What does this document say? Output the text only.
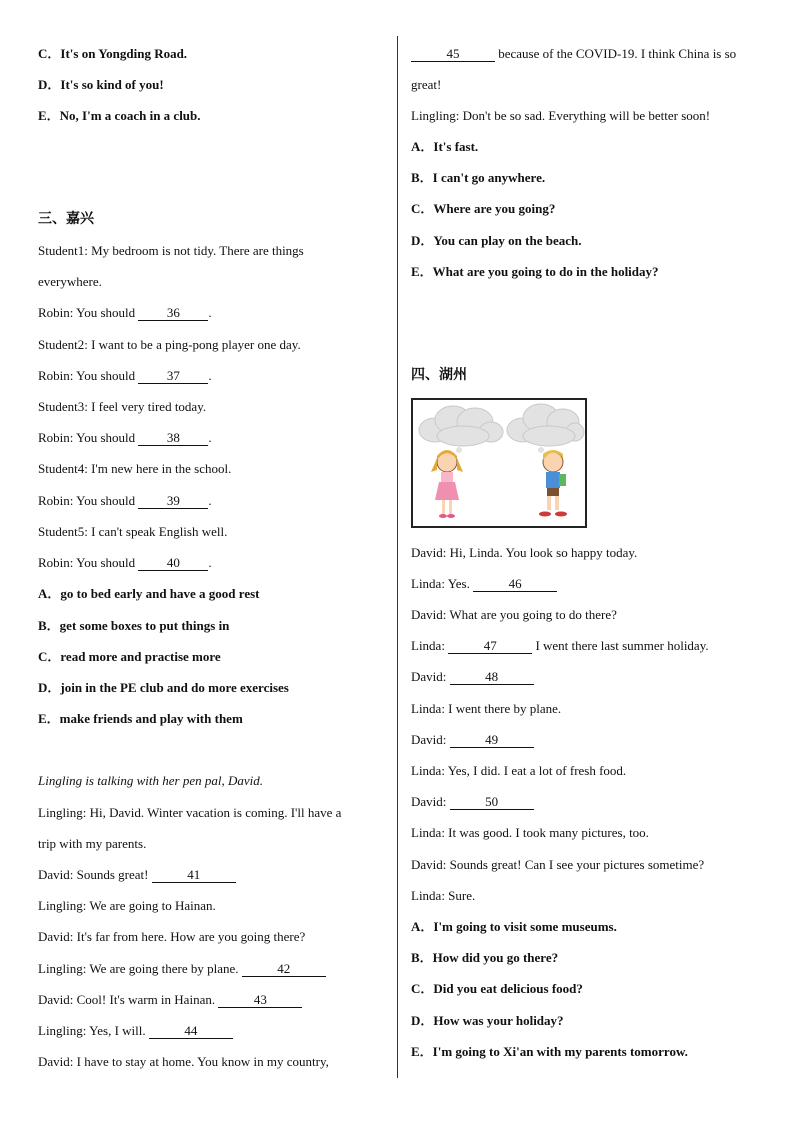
C．It's on Yongding Road.
D．It's so kind of you!
E．No, I'm a coach in a club.
三、嘉兴
Student1: My bedroom is not tidy. There are things
everywhere.
Robin: You should 36 .
Student2: I want to be a ping-pong player one day.
Robin: You should 37 .
Student3: I feel very tired today.
Robin: You should 38 .
Student4: I'm new here in the school.
Robin: You should 39 .
Student5: I can't speak English well.
Robin: You should 40 .
A．go to bed early and have a good rest
B．get some boxes to put things in
C．read more and practise more
D．join in the PE club and do more exercises
E．make friends and play with them
Lingling is talking with her pen pal, David.
Lingling: Hi, David. Winter vacation is coming. I'll have a
trip with my parents.
David: Sounds great!	41
Lingling: We are going to Hainan.
David: It's far from here. How are you going there?
Lingling: We are going there by plane.	42
David: Cool! It's warm in Hainan.	43
Lingling: Yes, I will.	44
David: I have to stay at home. You know in my country,
45	because of the COVID-19. I think China is so
great!
Lingling: Don't be so sad. Everything will be better soon!
A．It's fast.
B．I can't go anywhere.
C．Where are you going?
D．You can play on the beach.
E．What are you going to do in the holiday?
四、湖州
David: Hi, Linda. You look so happy today.
Linda: Yes.	46
David: What are you going to do there?
Linda:	47	I went there last summer holiday.
David:	48
Linda: I went there by plane.
David:	49
Linda: Yes, I did. I eat a lot of fresh food.
David:	50
Linda: It was good. I took many pictures, too.
David: Sounds great! Can I see your pictures sometime?
Linda: Sure.
A．I'm going to visit some museums.
B．How did you go there?
C．Did you eat delicious food?
D．How was your holiday?
E．I'm going to Xi'an with my parents tomorrow.
